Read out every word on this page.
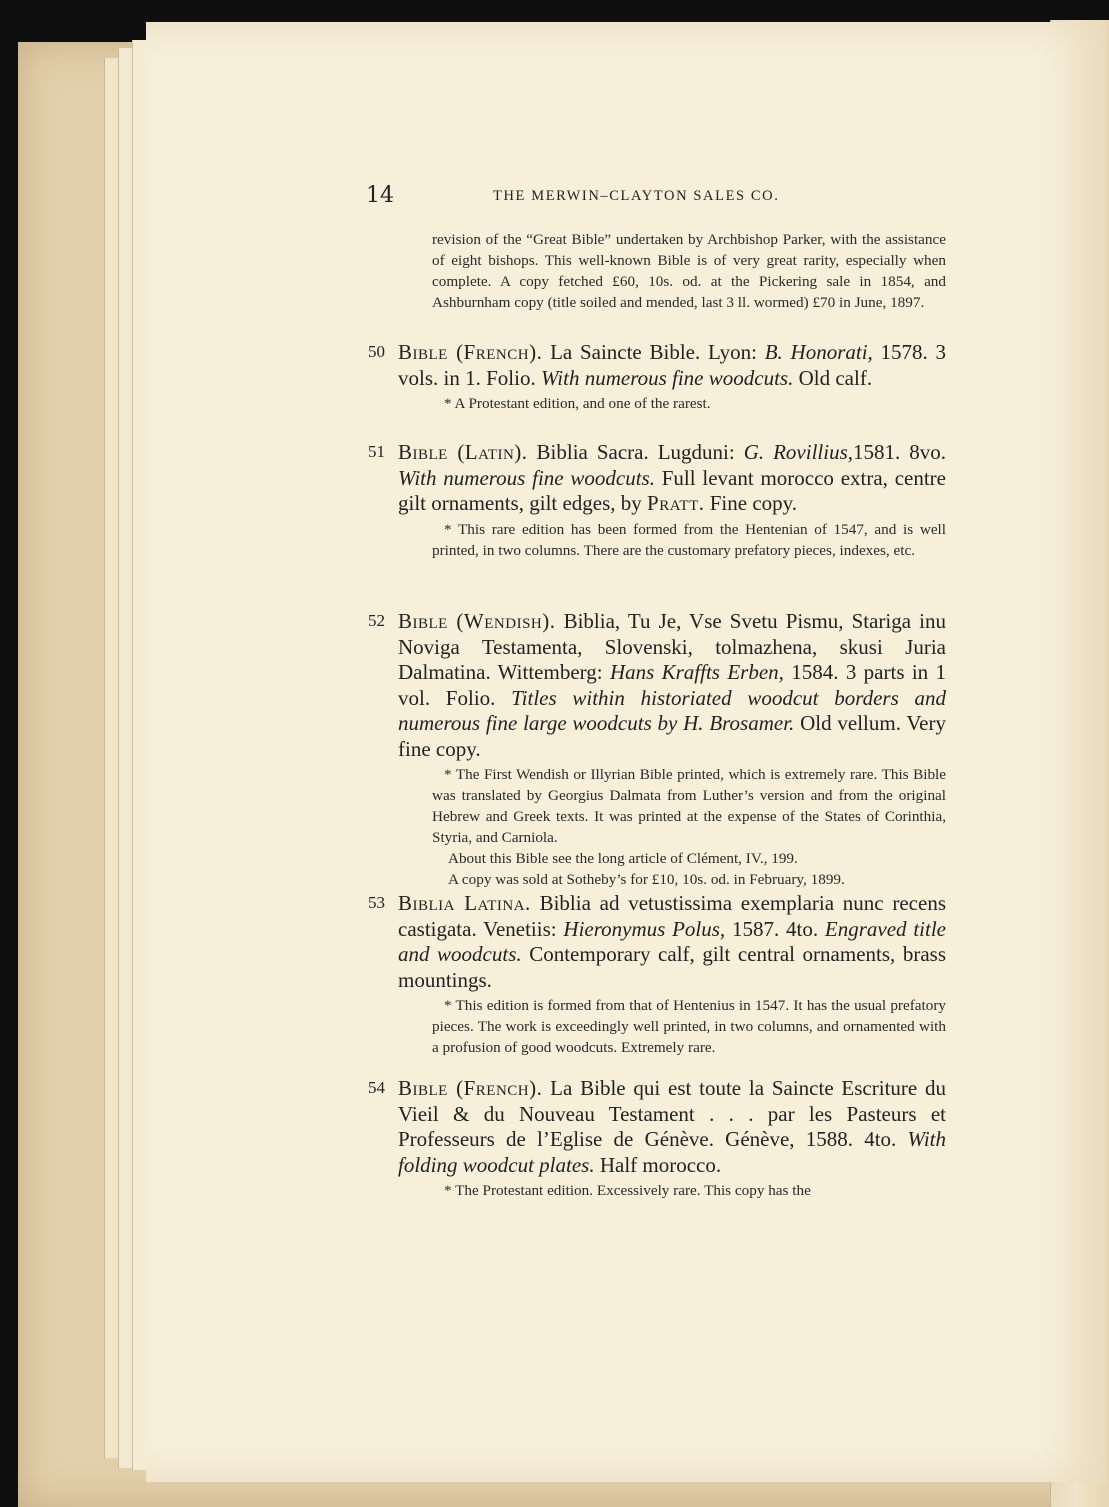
14	THE MERWIN–CLAYTON SALES CO.

revision of the “Great Bible” undertaken by Archbishop Parker, with the assistance of eight bishops. This well-known Bible is of very great rarity, especially when complete. A copy fetched £60, 10s. od. at the Pickering sale in 1854, and Ashburnham copy (title soiled and mended, last 3 ll. wormed) £70 in June, 1897.

50 Bible (French). La Saincte Bible. Lyon: B. Honorati, 1578. 3 vols. in 1. Folio. With numerous fine woodcuts. Old calf.

* A Protestant edition, and one of the rarest.

51 Bible (Latin). Biblia Sacra. Lugduni: G. Rovillius,1581. 8vo. With numerous fine woodcuts. Full levant morocco extra, centre gilt ornaments, gilt edges, by Pratt. Fine copy.

* This rare edition has been formed from the Hentenian of 1547, and is well printed, in two columns. There are the customary prefatory pieces, indexes, etc.

52 Bible (Wendish). Biblia, Tu Je, Vse Svetu Pismu, Stariga inu Noviga Testamenta, Slovenski, tolmazhena, skusi Juria Dalmatina. Wittemberg: Hans Kraffts Erben, 1584. 3 parts in 1 vol. Folio. Titles within historiated woodcut borders and numerous fine large woodcuts by H. Brosamer. Old vellum. Very fine copy.

* The First Wendish or Illyrian Bible printed, which is extremely rare. This Bible was translated by Georgius Dalmata from Luther’s version and from the original Hebrew and Greek texts. It was printed at the expense of the States of Corinthia, Styria, and Carniola.

About this Bible see the long article of Clément, IV., 199.

A copy was sold at Sotheby’s for £10, 10s. od. in February, 1899.

53 Biblia Latina. Biblia ad vetustissima exemplaria nunc recens castigata. Venetiis: Hieronymus Polus, 1587. 4to. Engraved title and woodcuts. Contemporary calf, gilt central ornaments, brass mountings.

* This edition is formed from that of Hentenius in 1547. It has the usual prefatory pieces. The work is exceedingly well printed, in two columns, and ornamented with a profusion of good woodcuts. Extremely rare.

54 Bible (French). La Bible qui est toute la Saincte Escriture du Vieil & du Nouveau Testament . . . par les Pasteurs et Professeurs de l’Eglise de Génève. Génève, 1588. 4to. With folding woodcut plates. Half morocco.

* The Protestant edition. Excessively rare. This copy has the
